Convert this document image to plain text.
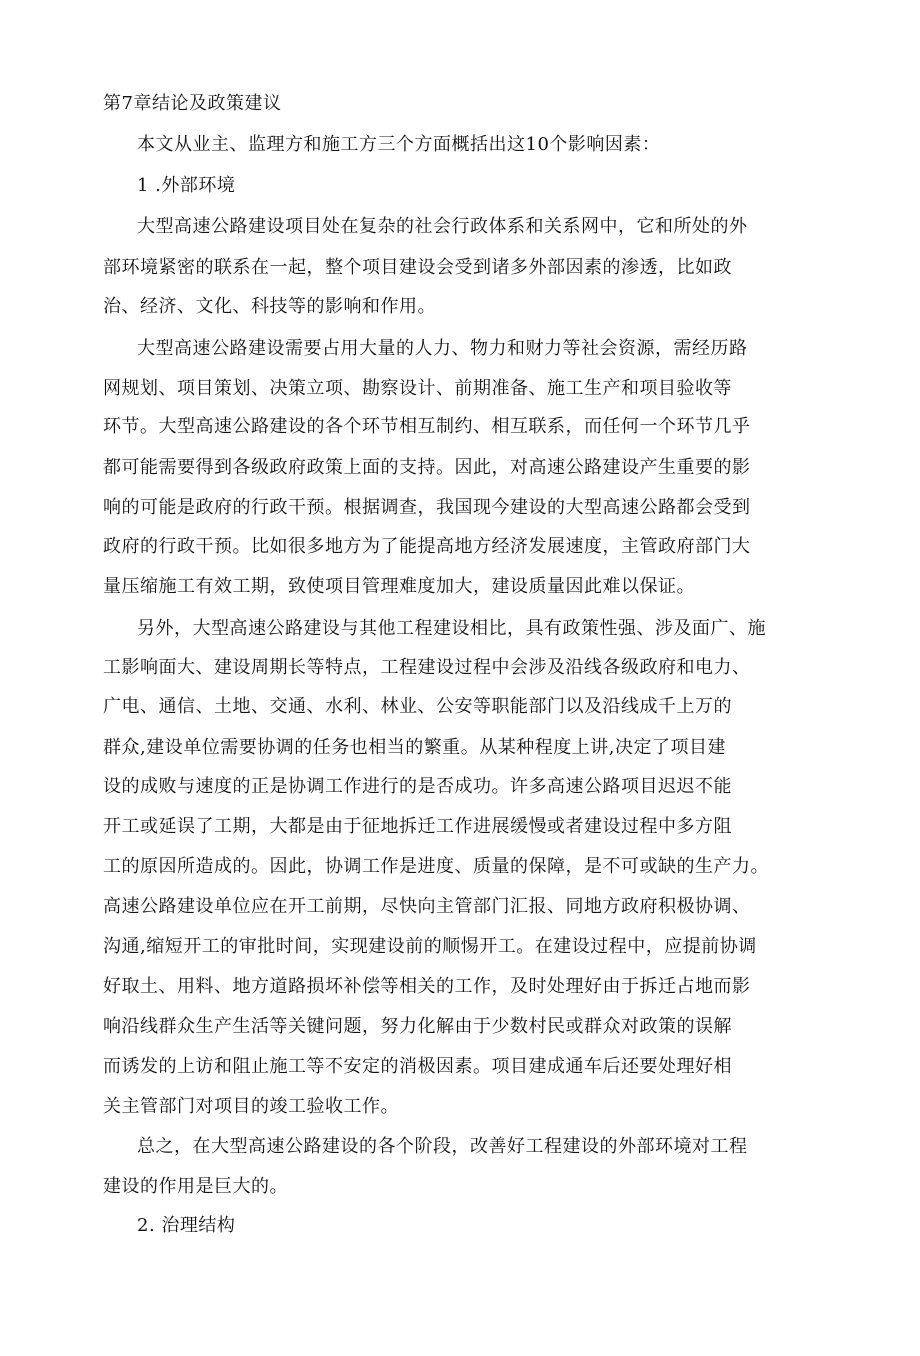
第7章结论及政策建议
本文从业主、监理方和施工方三个方面概括出这10个影响因素：
1 .外部环境
大型高速公路建设项目处在复杂的社会行政体系和关系网中，它和所处的外
部环境紧密的联系在一起，整个项目建设会受到诸多外部因素的渗透，比如政
治、经济、文化、科技等的影响和作用。
大型高速公路建设需要占用大量的人力、物力和财力等社会资源，需经历路
网规划、项目策划、决策立项、勘察设计、前期准备、施工生产和项目验收等
环节。大型高速公路建设的各个环节相互制约、相互联系，而任何一个环节几乎
都可能需要得到各级政府政策上面的支持。因此，对高速公路建设产生重要的影
响的可能是政府的行政干预。根据调查，我国现今建设的大型高速公路都会受到
政府的行政干预。比如很多地方为了能提高地方经济发展速度，主管政府部门大
量压缩施工有效工期，致使项目管理难度加大，建设质量因此难以保证。
另外，大型高速公路建设与其他工程建设相比，具有政策性强、涉及面广、施
工影响面大、建设周期长等特点，工程建设过程中会涉及沿线各级政府和电力、
广电、通信、土地、交通、水利、林业、公安等职能部门以及沿线成千上万的
群众,建设单位需要协调的任务也相当的繁重。从某种程度上讲,决定了项目建
设的成败与速度的正是协调工作进行的是否成功。许多高速公路项目迟迟不能
开工或延误了工期，大都是由于征地拆迁工作进展缓慢或者建设过程中多方阻
工的原因所造成的。因此，协调工作是进度、质量的保障，是不可或缺的生产力。
高速公路建设单位应在开工前期，尽快向主管部门汇报、同地方政府积极协调、
沟通,缩短开工的审批时间，实现建设前的顺惕开工。在建设过程中，应提前协调
好取土、用料、地方道路损坏补偿等相关的工作，及时处理好由于拆迁占地而影
响沿线群众生产生活等关键问题，努力化解由于少数村民或群众对政策的误解
而诱发的上访和阻止施工等不安定的消极因素。项目建成通车后还要处理好相
关主管部门对项目的竣工验收工作。
总之，在大型高速公路建设的各个阶段，改善好工程建设的外部环境对工程
建设的作用是巨大的。
2. 治理结构
